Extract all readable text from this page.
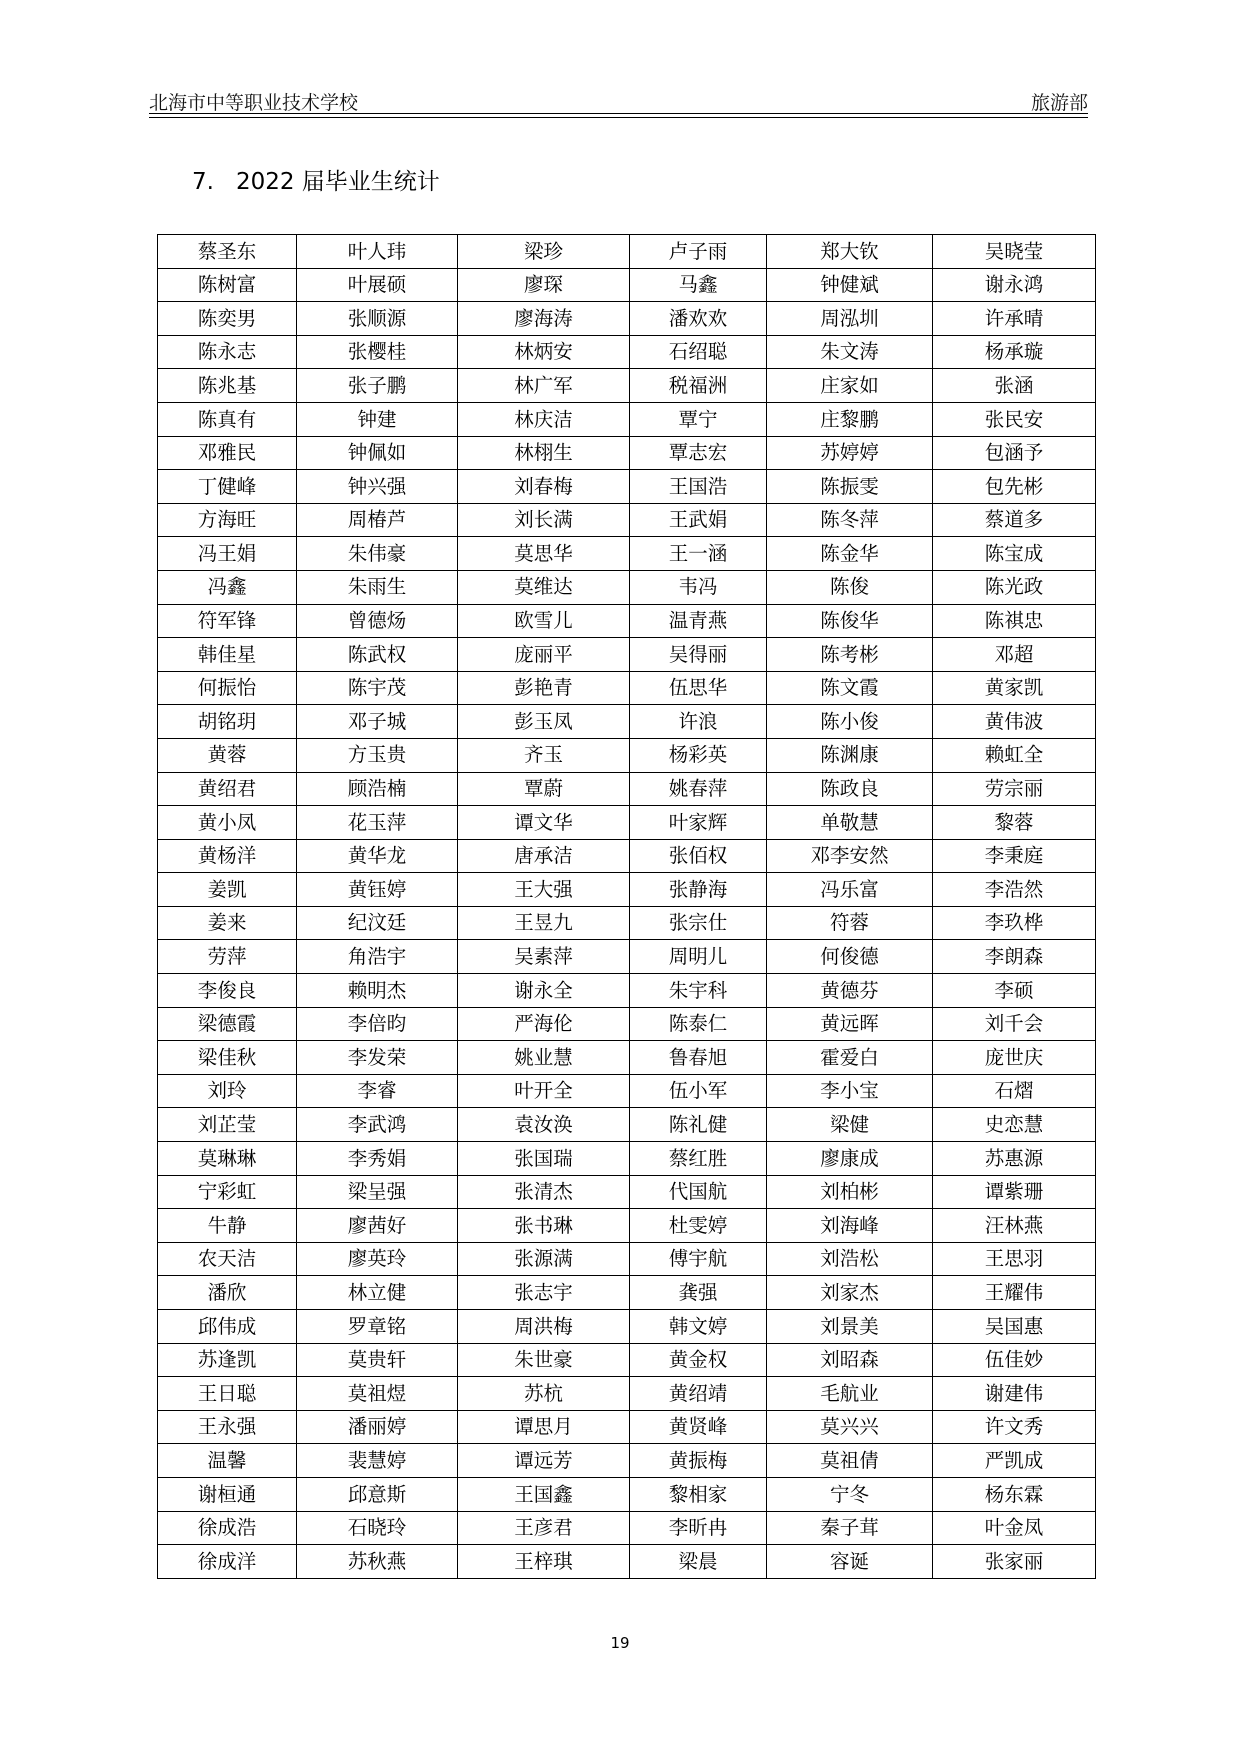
北海市中等职业技术学校	旅游部
7. 2022 届毕业生统计
蔡圣东	叶人玮	梁珍	卢子雨	郑大钦	吴晓莹
陈树富	叶展硕	廖琛	马鑫	钟健斌	谢永鸿
陈奕男	张顺源	廖海涛	潘欢欢	周泓圳	许承晴
陈永志	张樱桂	林炳安	石绍聪	朱文涛	杨承璇
陈兆基	张子鹏	林广军	税福洲	庄家如	张涵
陈真有	钟建	林庆洁	覃宁	庄黎鹏	张民安
邓雅民	钟佩如	林栩生	覃志宏	苏婷婷	包涵予
丁健峰	钟兴强	刘春梅	王国浩	陈振雯	包先彬
方海旺	周椿芦	刘长满	王武娟	陈冬萍	蔡道多
冯王娟	朱伟豪	莫思华	王一涵	陈金华	陈宝成
冯鑫	朱雨生	莫维达	韦冯	陈俊	陈光政
符军锋	曾德炀	欧雪儿	温青燕	陈俊华	陈祺忠
韩佳星	陈武权	庞丽平	吴得丽	陈考彬	邓超
何振怡	陈宇茂	彭艳青	伍思华	陈文霞	黄家凯
胡铭玥	邓子城	彭玉凤	许浪	陈小俊	黄伟波
黄蓉	方玉贵	齐玉	杨彩英	陈渊康	赖虹全
黄绍君	顾浩楠	覃蔚	姚春萍	陈政良	劳宗丽
黄小凤	花玉萍	谭文华	叶家辉	单敬慧	黎蓉
黄杨洋	黄华龙	唐承洁	张佰权	邓李安然	李秉庭
姜凯	黄钰婷	王大强	张静海	冯乐富	李浩然
姜来	纪汶廷	王昱九	张宗仕	符蓉	李玖桦
劳萍	角浩宇	吴素萍	周明儿	何俊德	李朗森
李俊良	赖明杰	谢永全	朱宇科	黄德芬	李硕
梁德霞	李倍昀	严海伦	陈泰仁	黄远晖	刘千会
梁佳秋	李发荣	姚业慧	鲁春旭	霍爱白	庞世庆
刘玲	李睿	叶开全	伍小军	李小宝	石熠
刘芷莹	李武鸿	袁汝涣	陈礼健	梁健	史恋慧
莫琳琳	李秀娟	张国瑞	蔡红胜	廖康成	苏惠源
宁彩虹	梁呈强	张清杰	代国航	刘柏彬	谭紫珊
牛静	廖茜好	张书琳	杜雯婷	刘海峰	汪林燕
农天洁	廖英玲	张源满	傅宇航	刘浩松	王思羽
潘欣	林立健	张志宇	龚强	刘家杰	王耀伟
邱伟成	罗章铭	周洪梅	韩文婷	刘景美	吴国惠
苏逢凯	莫贵轩	朱世豪	黄金权	刘昭森	伍佳妙
王日聪	莫祖煜	苏杭	黄绍靖	毛航业	谢建伟
王永强	潘丽婷	谭思月	黄贤峰	莫兴兴	许文秀
温馨	裴慧婷	谭远芳	黄振梅	莫祖倩	严凯成
谢桓通	邱意斯	王国鑫	黎相家	宁冬	杨东霖
徐成浩	石晓玲	王彦君	李昕冉	秦子茸	叶金凤
徐成洋	苏秋燕	王梓琪	梁晨	容诞	张家丽
19
